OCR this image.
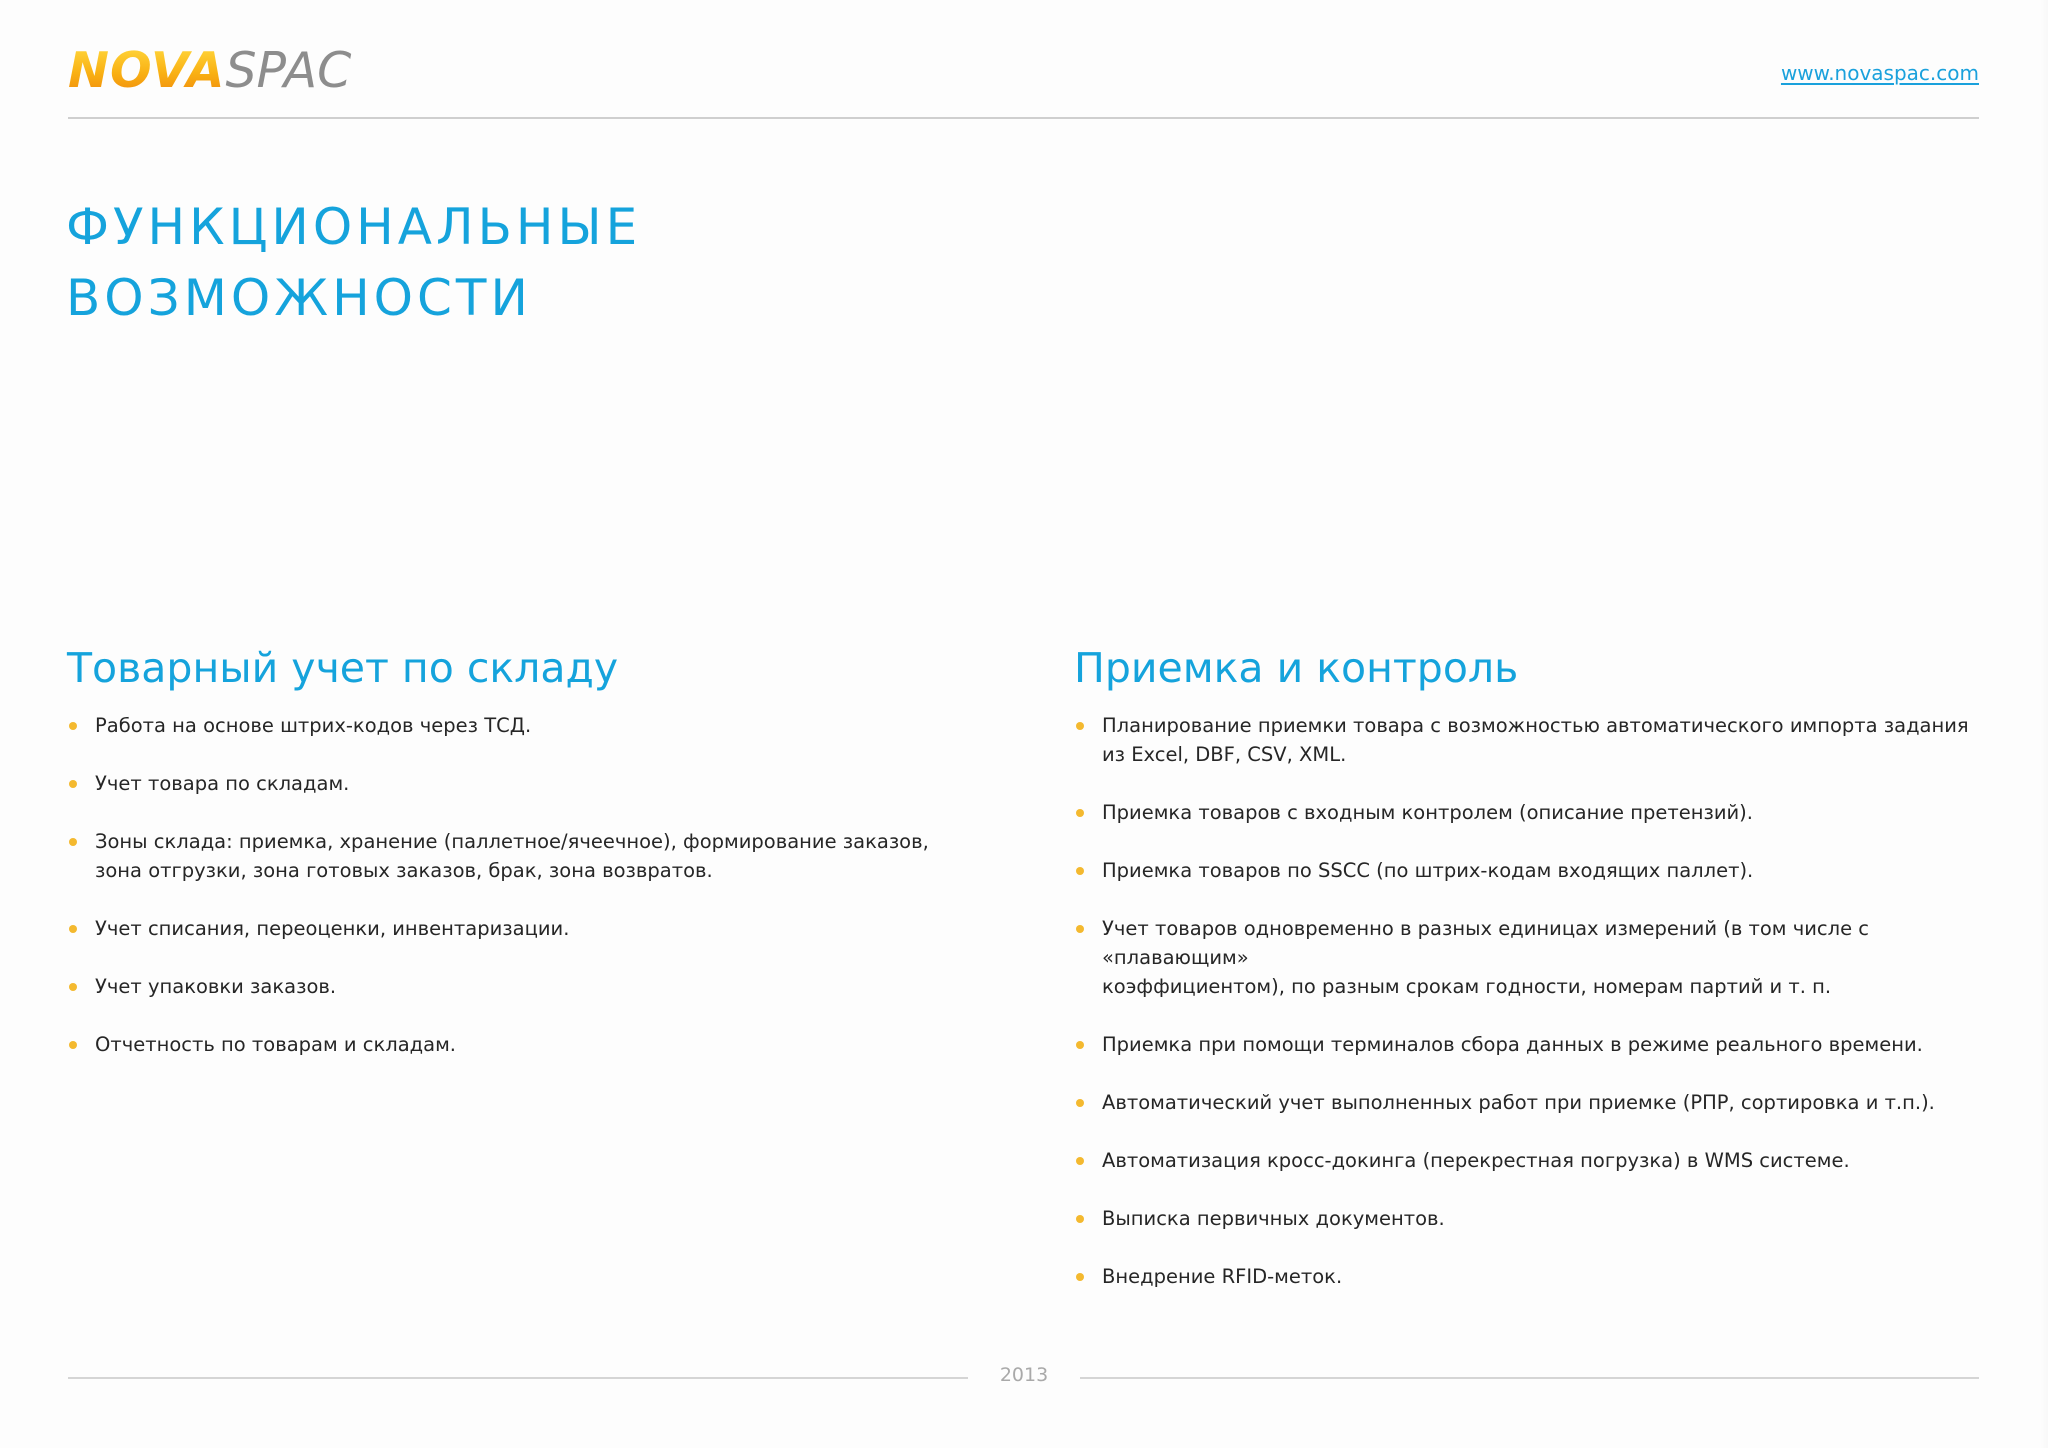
NOVA SPAC	www.novaspac.com
ФУНКЦИОНАЛЬНЫЕ
ВОЗМОЖНОСТИ
Товарный учет по складу
Работа на основе штрих-кодов через ТСД.
Учет товара по складам.
Зоны склада: приемка, хранение (паллетное/ячеечное), формирование заказов,
зона отгрузки, зона готовых заказов, брак, зона возвратов.
Учет списания, переоценки, инвентаризации.
Учет упаковки заказов.
Отчетность по товарам и складам.
Приемка и контроль
Планирование приемки товара с возможностью автоматического импорта задания
из Excel, DBF, CSV, XML.
Приемка товаров с входным контролем (описание претензий).
Приемка товаров по SSCC (по штрих-кодам входящих паллет).
Учет товаров одновременно в разных единицах измерений (в том числе с «плавающим»
коэффициентом), по разным срокам годности, номерам партий и т. п.
Приемка при помощи терминалов сбора данных в режиме реального времени.
Автоматический учет выполненных работ при приемке (РПР, сортировка и т.п.).
Автоматизация кросс-докинга (перекрестная погрузка) в WMS системе.
Выписка первичных документов.
Внедрение RFID-меток.
2013
